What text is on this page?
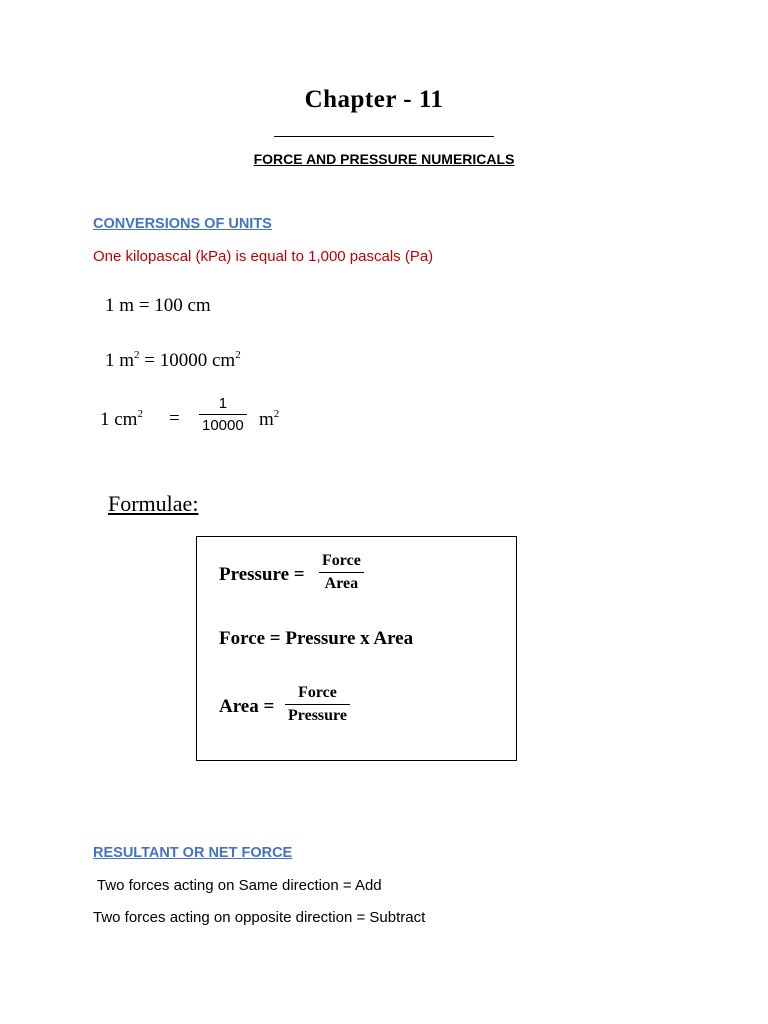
Chapter - 11
FORCE AND PRESSURE NUMERICALS
CONVERSIONS OF UNITS
One kilopascal (kPa) is equal to 1,000 pascals (Pa)
1 m = 100 cm
1 $m^2 = 10000$ $cm^2$
1 $cm^2$ =
1
10000 $m^2$
Formulae:
Pressure =
Force
Area
Force = Pressure x Area
Area =
Force
Pressure
RESULTANT OR NET FORCE
Two forces acting on Same direction = Add
Two forces acting on opposite direction = Subtract
